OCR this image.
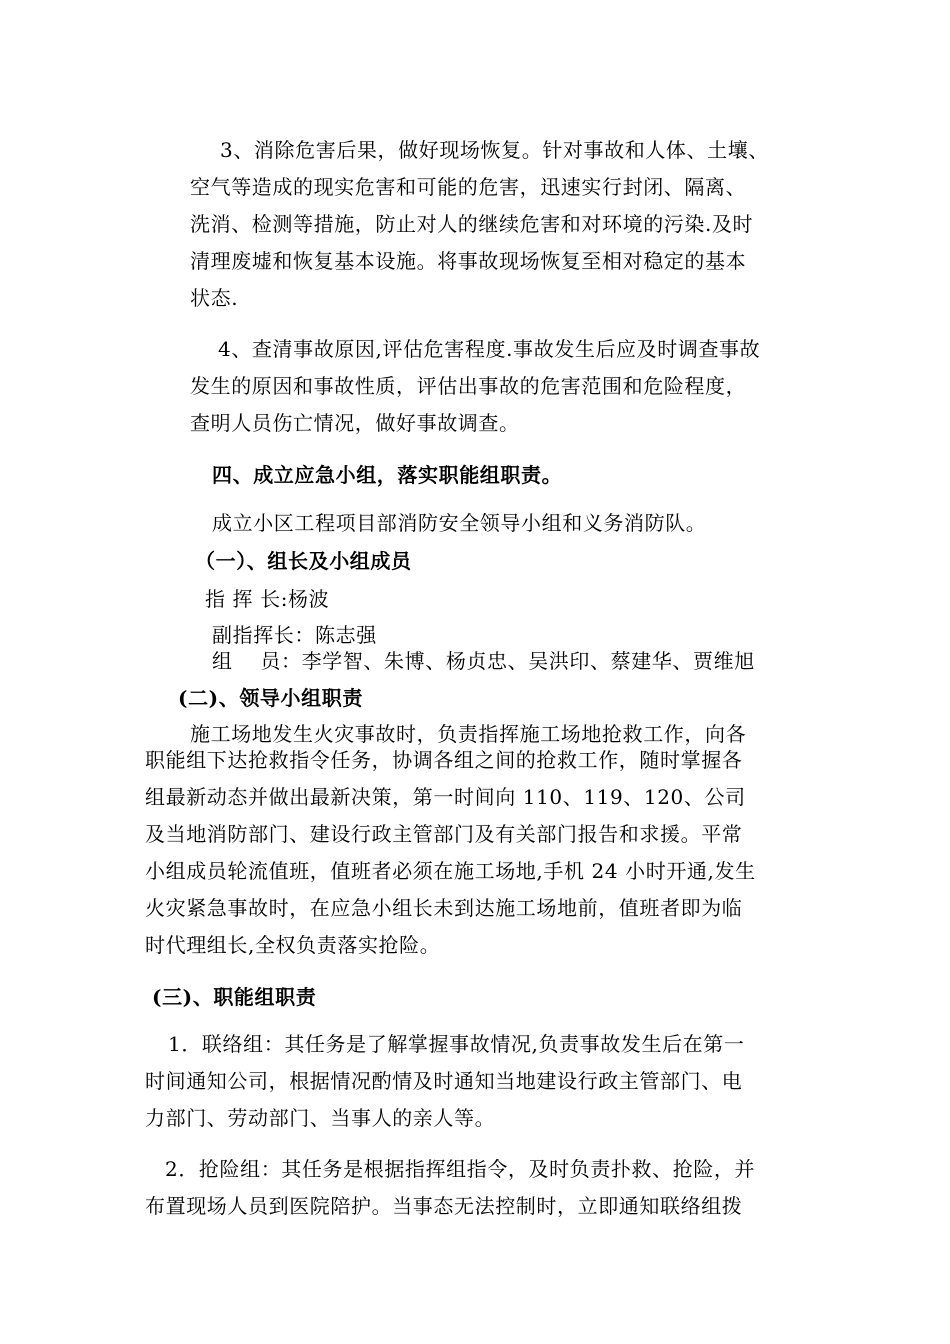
3、消除危害后果，做好现场恢复。针对事故和人体、土壤、
空气等造成的现实危害和可能的危害，迅速实行封闭、隔离、
洗消、检测等措施，防止对人的继续危害和对环境的污染.及时
清理废墟和恢复基本设施。将事故现场恢复至相对稳定的基本
状态.
4、查清事故原因,评估危害程度.事故发生后应及时调查事故
发生的原因和事故性质，评估出事故的危害范围和危险程度，
查明人员伤亡情况，做好事故调查。
四、成立应急小组，落实职能组职责。
成立小区工程项目部消防安全领导小组和义务消防队。
（一）、组长及小组成员
指 挥 长:杨波
副指挥长：陈志强
组    员：李学智、朱博、杨贞忠、吴洪印、蔡建华、贾维旭
(二)、领导小组职责
施工场地发生火灾事故时，负责指挥施工场地抢救工作，向各
职能组下达抢救指令任务，协调各组之间的抢救工作，随时掌握各
组最新动态并做出最新决策，第一时间向 110、119、120、公司
及当地消防部门、建设行政主管部门及有关部门报告和求援。平常
小组成员轮流值班，值班者必须在施工场地,手机 24 小时开通,发生
火灾紧急事故时，在应急小组长未到达施工场地前，值班者即为临
时代理组长,全权负责落实抢险。
(三)、职能组职责
1．联络组：其任务是了解掌握事故情况,负责事故发生后在第一
时间通知公司，根据情况酌情及时通知当地建设行政主管部门、电
力部门、劳动部门、当事人的亲人等。
2．抢险组：其任务是根据指挥组指令，及时负责扑救、抢险，并
布置现场人员到医院陪护。当事态无法控制时，立即通知联络组拨
